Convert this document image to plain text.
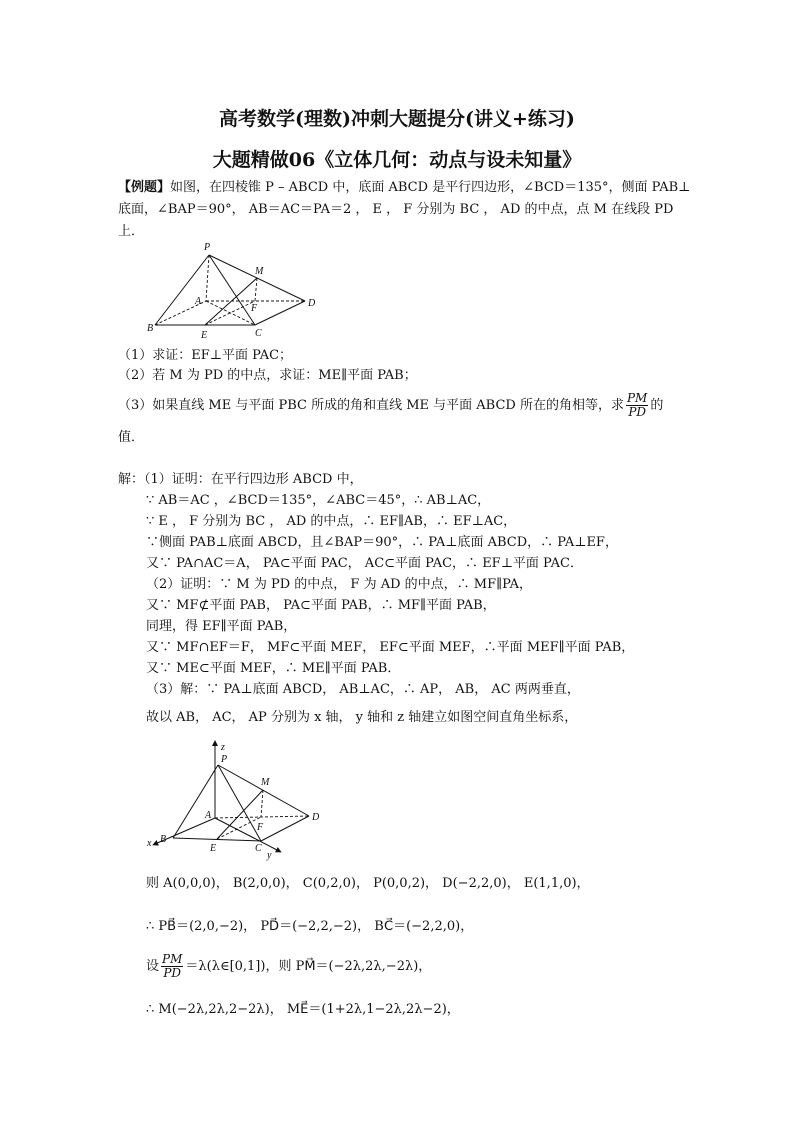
高考数学(理数)冲刺大题提分(讲义+练习)
大题精做06《立体几何：动点与设未知量》
【例题】如图，在四棱锥 P – ABCD 中，底面 ABCD 是平行四边形，∠BCD＝135°，侧面 PAB⊥
底面，∠BAP＝90°， AB＝AC＝PA＝2 ， E ， F 分别为 BC ， AD 的中点，点 M 在线段 PD
上．
P
M
A
F	D
B
E	C
（1）求证：EF⊥平面 PAC；
（2）若 M 为 PD 的中点，求证：ME∥平面 PAB；
（3）如果直线 ME 与平面 PBC 所成的角和直线 ME 与平面 ABCD 所在的角相等，求 $\frac{PM}{PD}$ 的
值．
解：（1）证明：在平行四边形 ABCD 中，
∵ AB＝AC ，∠BCD＝135°，∠ABC＝45°，∴ AB⊥AC，
∵ E ， F 分别为 BC ， AD 的中点，∴ EF∥AB，∴ EF⊥AC，
∵侧面 PAB⊥底面 ABCD，且∠BAP＝90°，∴ PA⊥底面 ABCD，∴ PA⊥EF，
又∵ PA∩AC＝A， PA⊂平面 PAC， AC⊂平面 PAC，∴ EF⊥平面 PAC．
（2）证明：∵ M 为 PD 的中点， F 为 AD 的中点，∴ MF∥PA，
又∵ MF⊄平面 PAB， PA⊂平面 PAB，∴ MF∥平面 PAB，
同理，得 EF∥平面 PAB，
又∵ MF∩EF＝F， MF⊂平面 MEF， EF⊂平面 MEF，∴平面 MEF∥平面 PAB，
又∵ ME⊂平面 MEF，∴ ME∥平面 PAB．
（3）解：∵ PA⊥底面 ABCD， AB⊥AC，∴ AP， AB， AC 两两垂直，
故以 AB， AC， AP 分别为 x 轴， y 轴和 z 轴建立如图空间直角坐标系，
z
P
M
A
F
D
x B
E	C
y
则 A(0,0,0)， B(2,0,0)， C(0,2,0)， P(0,0,2)， D(−2,2,0)， E(1,1,0)，
∴ PB⃗＝(2,0,−2)， PD⃗＝(−2,2,−2)， BC⃗＝(−2,2,0)，
设 $\frac{PM}{PD}$ ＝λ(λ∈[0,1])，则 PM⃗＝(−2λ,2λ,−2λ)，
∴ M(−2λ,2λ,2−2λ)， ME⃗＝(1+2λ,1−2λ,2λ−2)，
